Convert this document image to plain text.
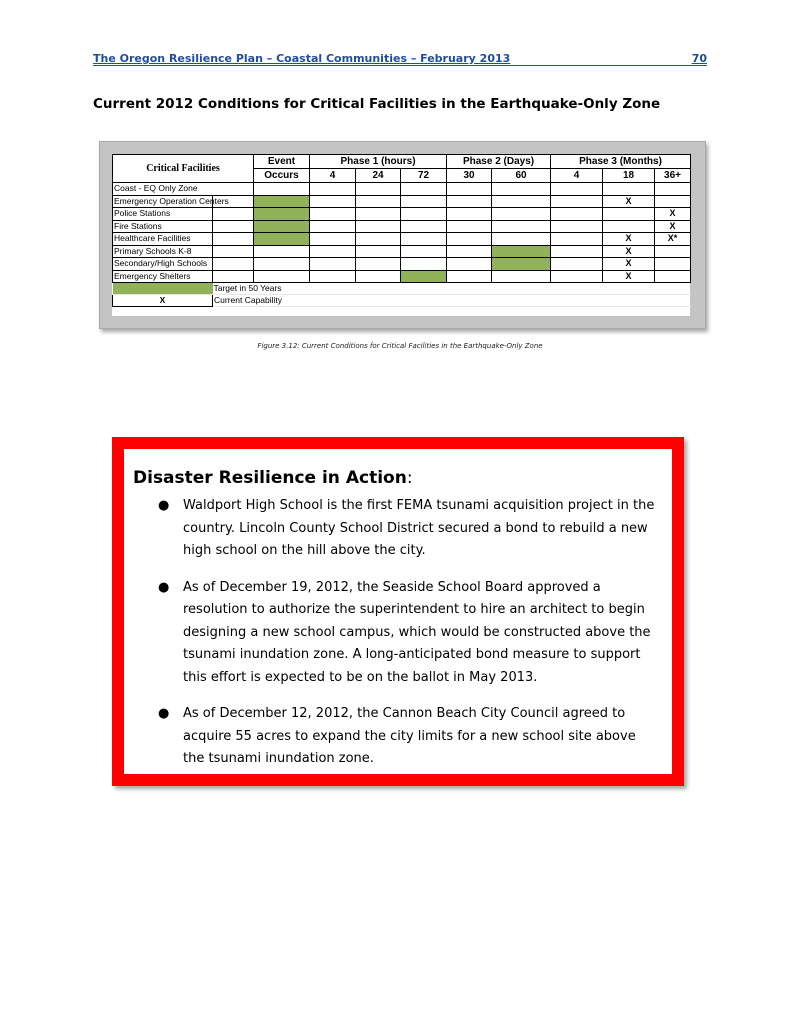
The Oregon Resilience Plan – Coastal Communities – February 2013	70
Current 2012 Conditions for Critical Facilities in the Earthquake-Only Zone
Critical Facilities		Event	Phase 1 (hours)			Phase 2 (Days)		Phase 3 (Months)		
		Occurs	4	24	72	30	60	4	18	36+
Coast - EQ Only Zone										
Emergency Operation Centers									X	
Police Stations										X
Fire Stations										X
Healthcare Facilities									X	X*
Primary Schools K-8									X	
Secondary/High Schools									X	
Emergency Shelters									X	
	Target in 50 Years									
X	Current Capability									
Figure 3.12: Current Conditions for Critical Facilities in the Earthquake-Only Zone
Disaster Resilience in Action:
● Waldport High School is the first FEMA tsunami acquisition project in the country. Lincoln County School District secured a bond to rebuild a new high school on the hill above the city.
● As of December 19, 2012, the Seaside School Board approved a resolution to authorize the superintendent to hire an architect to begin designing a new school campus, which would be constructed above the tsunami inundation zone. A long-anticipated bond measure to support this effort is expected to be on the ballot in May 2013.
● As of December 12, 2012, the Cannon Beach City Council agreed to acquire 55 acres to expand the city limits for a new school site above the tsunami inundation zone.
